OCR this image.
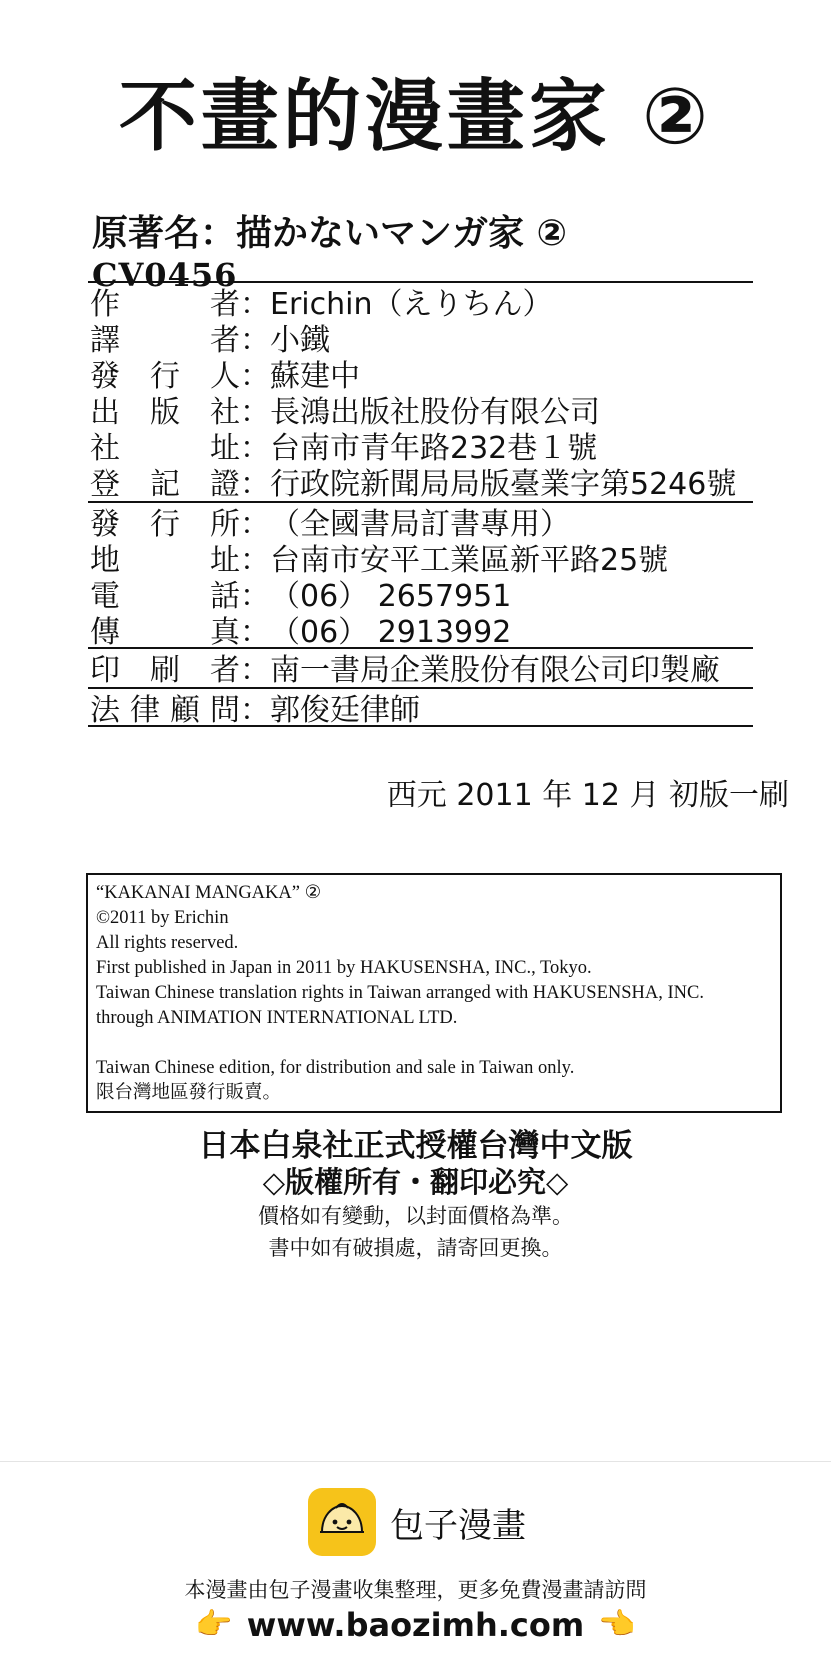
不畫的漫畫家 ②
原著名：描かないマンガ家 ②
CV0456
作	者 ： Erichin（えりちん）
譯	者 ： 小鐵
發 行 人 ： 蘇建中
出 版 社 ： 長鴻出版社股份有限公司
社	址 ： 台南市青年路232巷１號
登 記 證 ： 行政院新聞局局版臺業字第5246號
發 行 所 ： （全國書局訂書專用）
地	址 ： 台南市安平工業區新平路25號
電	話 ： （06） 2657951
傳	真 ： （06） 2913992
印 刷 者 ： 南一書局企業股份有限公司印製廠
法 律 顧 問 ： 郭俊廷律師
西元 2011 年 12 月 初版一刷
“KAKANAI MANGAKA” ②
©2011 by Erichin
All rights reserved.
First published in Japan in 2011 by HAKUSENSHA, INC., Tokyo.
Taiwan Chinese translation rights in Taiwan arranged with HAKUSENSHA, INC.
through ANIMATION INTERNATIONAL LTD.
Taiwan Chinese edition, for distribution and sale in Taiwan only.
限台灣地區發行販賣。
日本白泉社正式授權台灣中文版
◇版權所有・翻印必究◇
價格如有變動，以封面價格為準。
書中如有破損處，請寄回更換。
包子漫畫
本漫畫由包子漫畫收集整理，更多免費漫畫請訪問
👉 www.baozimh.com 👈
